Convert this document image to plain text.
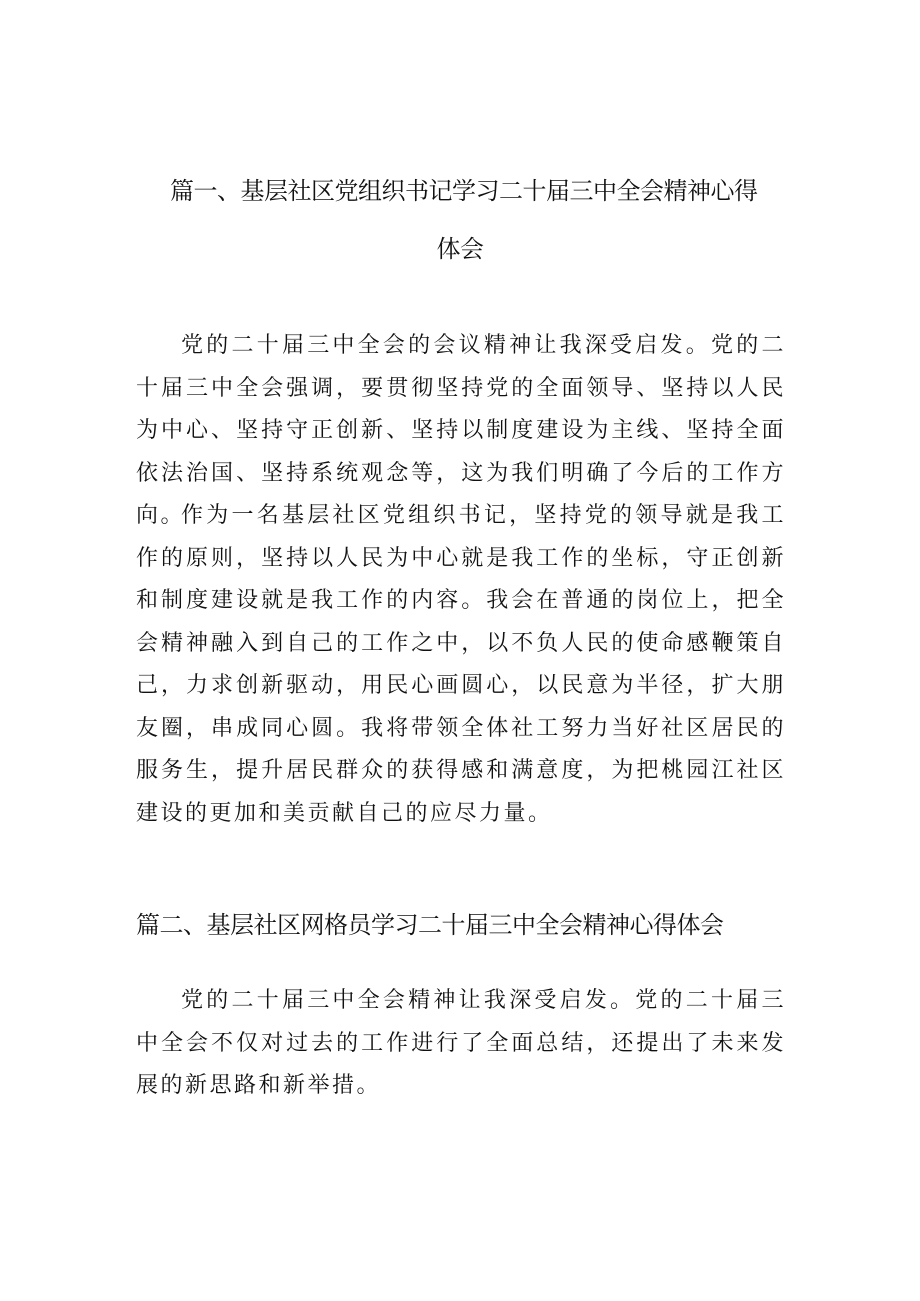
篇一、基层社区党组织书记学习二十届三中全会精神心得
体会

党的二十届三中全会的会议精神让我深受启发。党的二十届三中全会强调，要贯彻坚持党的全面领导、坚持以人民为中心、坚持守正创新、坚持以制度建设为主线、坚持全面依法治国、坚持系统观念等，这为我们明确了今后的工作方向。

作为一名基层社区党组织书记，坚持党的领导就是我工作的原则，坚持以人民为中心就是我工作的坐标，守正创新和制度建设就是我工作的内容。我会在普通的岗位上，把全会精神融入到自己的工作之中，以不负人民的使命感鞭策自己，力求创新驱动，用民心画圆心，以民意为半径，扩大朋友圈，串成同心圆。我将带领全体社工努力当好社区居民的服务生，提升居民群众的获得感和满意度，为把桃园江社区建设的更加和美贡献自己的应尽力量。

篇二、基层社区网格员学习二十届三中全会精神心得体会

党的二十届三中全会精神让我深受启发。党的二十届三中全会不仅对过去的工作进行了全面总结，还提出了未来发展的新思路和新举措。
